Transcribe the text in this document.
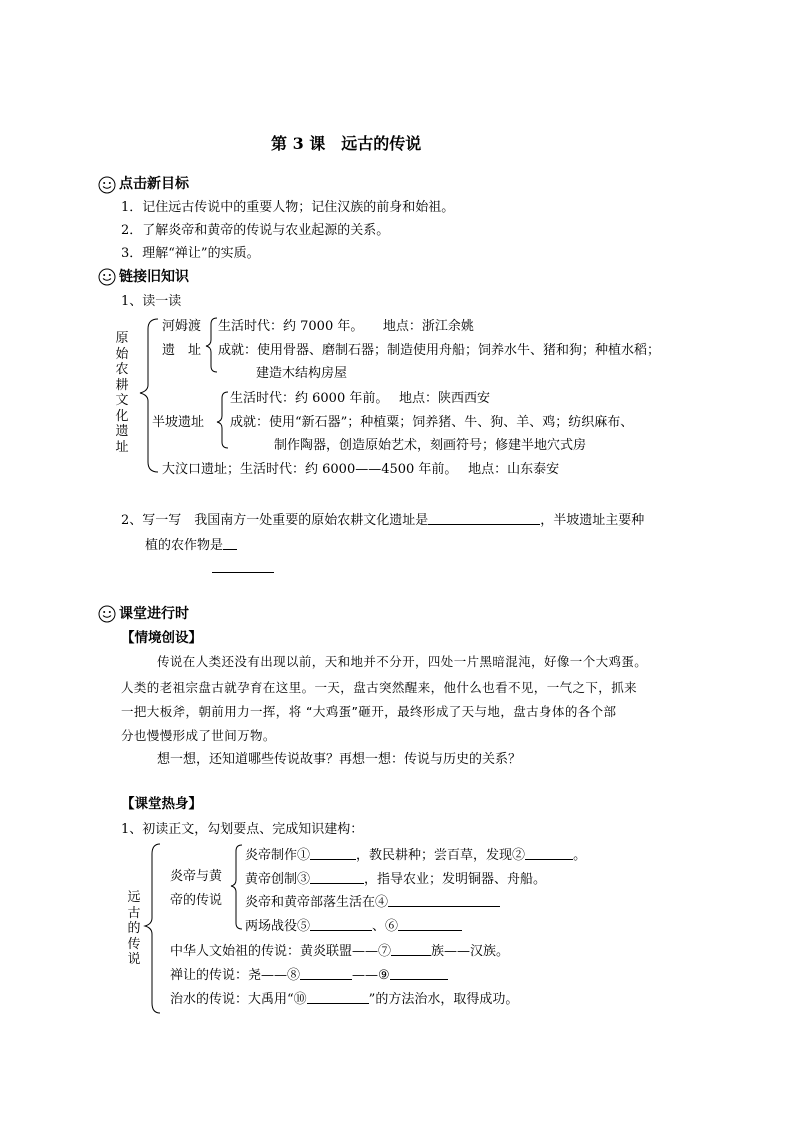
第 3 课　远古的传说
点击新目标
1．记住远古传说中的重要人物；记住汉族的前身和始祖。
2．了解炎帝和黄帝的传说与农业起源的关系。
3．理解“禅让”的实质。
链接旧知识
1、读一读
原始农耕文化遗址
河姆渡
遗　址
生活时代：约 7000 年。　　地点：浙江余姚
成就：使用骨器、磨制石器；制造使用舟船；饲养水牛、猪和狗；种植水稻；
建造木结构房屋
半坡遗址
生活时代：约 6000 年前。　 地点：陕西西安
成就：使用“新石器”；种植粟；饲养猪、牛、狗、羊、鸡；纺织麻布、
制作陶器，创造原始艺术，刻画符号；修建半地穴式房
大汶口遗址；生活时代：约 6000——4500 年前。　 地点：山东泰安
2、写一写　我国南方一处重要的原始农耕文化遗址是	，半坡遗址主要种
植的农作物是
课堂进行时
【情境创设】
传说在人类还没有出现以前，天和地并不分开，四处一片黑暗混沌，好像一个大鸡蛋。
人类的老祖宗盘古就孕育在这里。一天，盘古突然醒来，他什么也看不见，一气之下，抓来
一把大板斧，朝前用力一挥，将 “大鸡蛋”砸开，最终形成了天与地，盘古身体的各个部
分也慢慢形成了世间万物。
想一想，还知道哪些传说故事？再想一想：传说与历史的关系？
【课堂热身】
1、初读正文，勾划要点、完成知识建构：
远古的传说
炎帝与黄
帝的传说
炎帝制作①	，教民耕种；尝百草，发现②	。
黄帝创制③	，指导农业；发明铜器、舟船。
炎帝和黄帝部落生活在④
两场战役⑤	、⑥
中华人文始祖的传说：黄炎联盟——⑦	族——汉族。
禅让的传说：尧——⑧	——⑨
治水的传说：大禹用“⑩	”的方法治水，取得成功。
